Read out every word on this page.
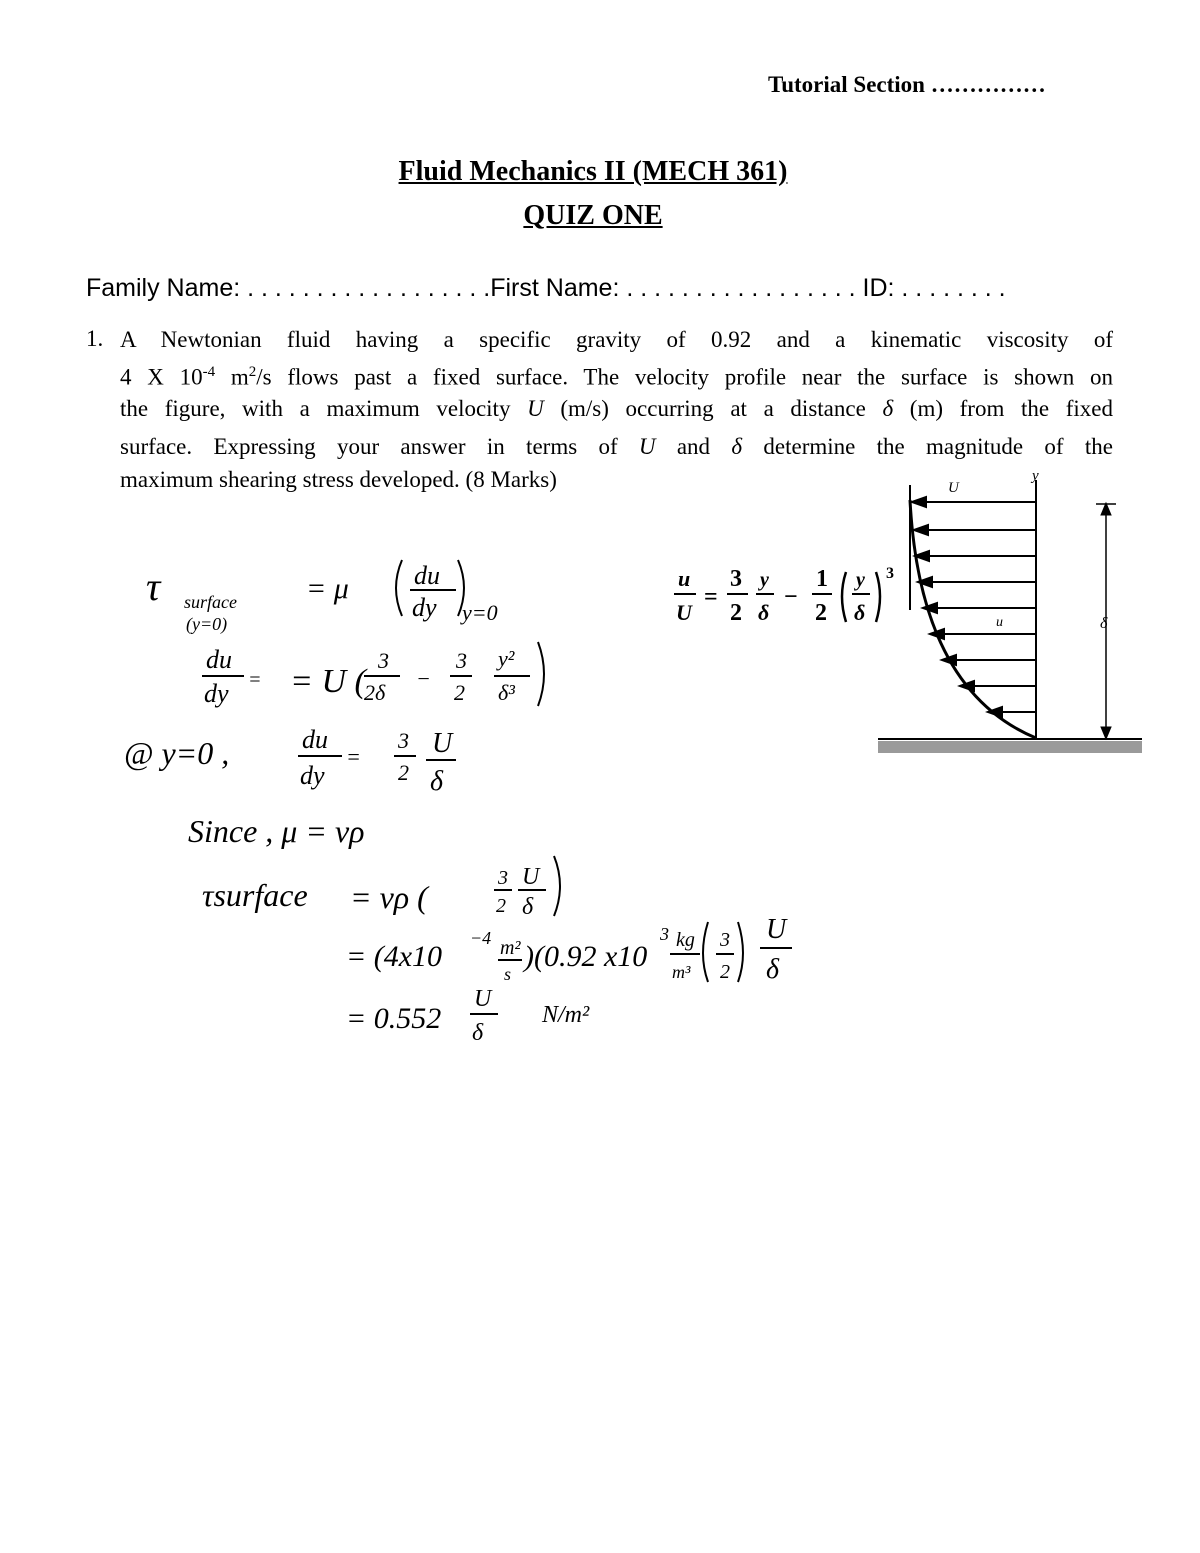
Tutorial Section ……………
Fluid Mechanics II (MECH 361)
QUIZ ONE
Family Name: . . . . . . . . . . . . . . . . . .First Name: . . . . . . . . . . . . . . . . . ID: . . . . . . . .
1. A Newtonian fluid having a specific gravity of 0.92 and a kinematic viscosity of
4 X $10^{-4}$ $m^2/s$ flows past a fixed surface. The velocity profile near the surface is shown on
the figure, with a maximum velocity U (m/s) occurring at a distance δ (m) from the fixed
surface. Expressing your answer in terms of U and δ determine the magnitude of the
maximum shearing stress developed. (8 Marks)	U
y
u	δ
u
U
=
3
2
y
δ
−
1
2
y
δ
3
τ surface
(y=0)
= μ	du
dy y=0
du
dy = = U (
3
2δ
−
3
2
y²
δ³
@ y=0 ,	du
dy
=
3
2
U
δ
Since , μ = νρ
τsurface = νρ (
3
2
U
δ
= (4x10
−4 m²
s
)(0.92 x10
3 kg
m³
3
2
U
δ
= 0.552
U
δ
N/m²
